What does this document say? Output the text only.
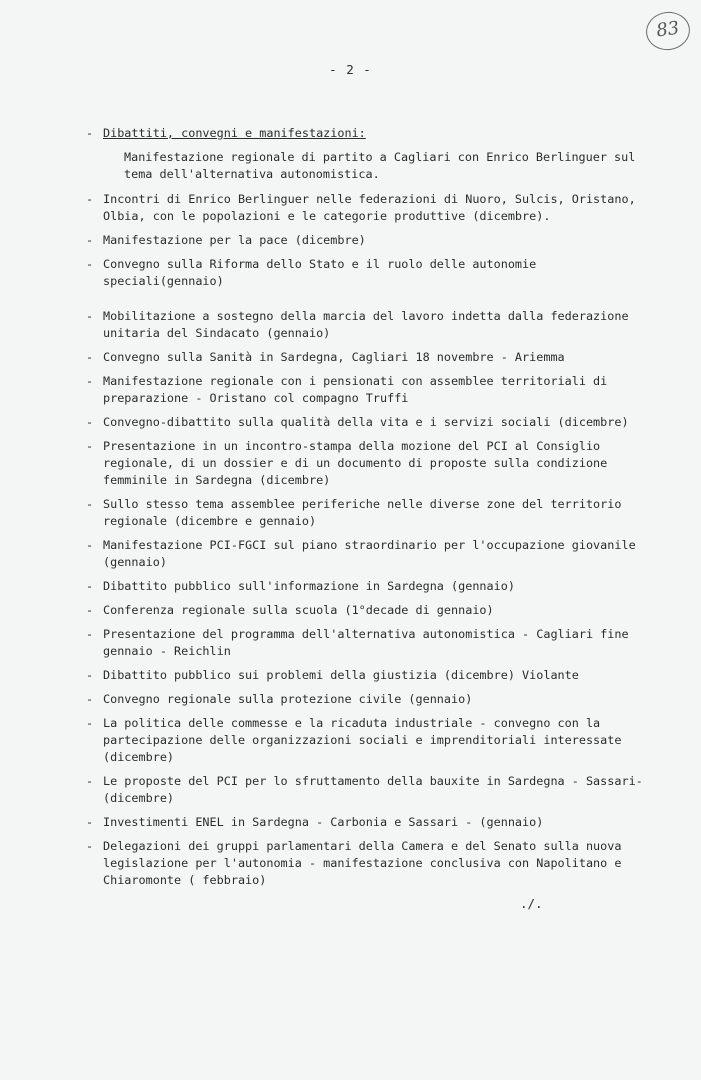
83
- 2 -
- Dibattiti, convegni e manifestazioni:
Manifestazione regionale di partito a Cagliari con Enrico Berlinguer sul tema dell'alternativa autonomistica.
- Incontri di Enrico Berlinguer nelle federazioni di Nuoro, Sulcis, Oristano, Olbia, con le popolazioni e le categorie produttive (dicembre).
- Manifestazione per la pace (dicembre)
- Convegno sulla Riforma dello Stato e il ruolo delle autonomie speciali(gennaio)
- Mobilitazione a sostegno della marcia del lavoro indetta dalla federazione unitaria del Sindacato (gennaio)
- Convegno sulla Sanità in Sardegna, Cagliari 18 novembre - Ariemma
- Manifestazione regionale con i pensionati con assemblee territoriali di preparazione - Oristano col compagno Truffi
- Convegno-dibattito sulla qualità della vita e i servizi sociali (dicembre)
- Presentazione in un incontro-stampa della mozione del PCI al Consiglio regionale, di un dossier e di un documento di proposte sulla condizione femminile in Sardegna (dicembre)
- Sullo stesso tema assemblee periferiche nelle diverse zone del territorio regionale (dicembre e gennaio)
- Manifestazione PCI-FGCI sul piano straordinario per l'occupazione giovanile (gennaio)
- Dibattito pubblico sull'informazione in Sardegna (gennaio)
- Conferenza regionale sulla scuola (1°decade di gennaio)
- Presentazione del programma dell'alternativa autonomistica - Cagliari fine gennaio - Reichlin
- Dibattito pubblico sui problemi della giustizia (dicembre) Violante
- Convegno regionale sulla protezione civile (gennaio)
- La politica delle commesse e la ricaduta industriale - convegno con la partecipazione delle organizzazioni sociali e imprenditoriali interessate (dicembre)
- Le proposte del PCI per lo sfruttamento della bauxite in Sardegna - Sassari-(dicembre)
- Investimenti ENEL in Sardegna - Carbonia e Sassari - (gennaio)
- Delegazioni dei gruppi parlamentari della Camera e del Senato sulla nuova legislazione per l'autonomia - manifestazione conclusiva con Napolitano e Chiaromonte ( febbraio)
./.
